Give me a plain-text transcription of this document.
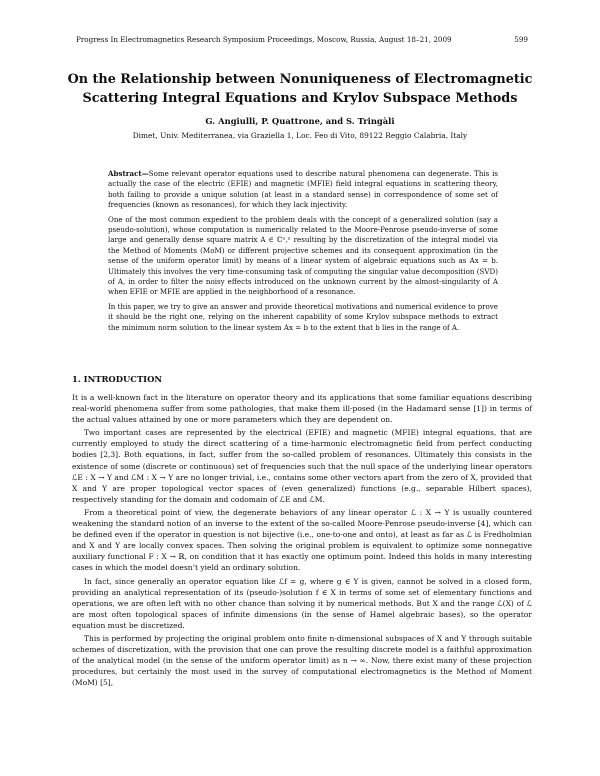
Progress In Electromagnetics Research Symposium Proceedings, Moscow, Russia, August 18–21, 2009	599
On the Relationship between Nonuniqueness of Electromagnetic
Scattering Integral Equations and Krylov Subspace Methods
G. Angiulli, P. Quattrone, and S. Tringàli
Dimet, Univ. Mediterranea, via Graziella 1, Loc. Feo di Vito, 89122 Reggio Calabria, Italy

Abstract—Some relevant operator equations used to describe natural phenomena can degenerate. This is actually the case of the electric (EFIE) and magnetic (MFIE) field integral equations in scattering theory, both failing to provide a unique solution (at least in a standard sense) in correspondence of some set of frequencies (known as resonances), for which they lack injectivity.

One of the most common expedient to the problem deals with the concept of a generalized solution (say a pseudo-solution), whose computation is numerically related to the Moore-Penrose pseudo-inverse of some large and generally dense square matrix A ∈ ℂⁿ,ⁿ resulting by the discretization of the integral model via the Method of Moments (MoM) or different projective schemes and its consequent approximation (in the sense of the uniform operator limit) by means of a linear system of algebraic equations such as Ax = b. Ultimately this involves the very time-consuming task of computing the singular value decomposition (SVD) of A, in order to filter the noisy effects introduced on the unknown current by the almost-singularity of A when EFIE or MFIE are applied in the neighborhood of a resonance.

In this paper, we try to give an answer and provide theoretical motivations and numerical evidence to prove it should be the right one, relying on the inherent capability of some Krylov subspace methods to extract the minimum norm solution to the linear system Ax = b to the extent that b lies in the range of A.

1. INTRODUCTION

It is a well-known fact in the literature on operator theory and its applications that some familiar equations describing real-world phenomena suffer from some pathologies, that make them ill-posed (in the Hadamard sense [1]) in terms of the actual values attained by one or more parameters which they are dependent on.

Two important cases are represented by the electrical (EFIE) and magnetic (MFIE) integral equations, that are currently employed to study the direct scattering of a time-harmonic electromagnetic field from perfect conducting bodies [2,3]. Both equations, in fact, suffer from the so-called problem of resonances. Ultimately this consists in the existence of some (discrete or continuous) set of frequencies such that the null space of the underlying linear operators ℒE : X → Y and ℒM : X → Y are no longer trivial, i.e., contains some other vectors apart from the zero of X, provided that X and Y are proper topological vector spaces of (even generalized) functions (e.g., separable Hilbert spaces), respectively standing for the domain and codomain of ℒE and ℒM.

From a theoretical point of view, the degenerate behaviors of any linear operator ℒ : X → Y is usually countered weakening the standard notion of an inverse to the extent of the so-called Moore-Penrose pseudo-inverse [4], which can be defined even if the operator in question is not bijective (i.e., one-to-one and onto), at least as far as ℒ is Fredholmian and X and Y are locally convex spaces. Then solving the original problem is equivalent to optimize some nonnegative auxiliary functional F : X → ℝ, on condition that it has exactly one optimum point. Indeed this holds in many interesting cases in which the model doesn’t yield an ordinary solution.

In fact, since generally an operator equation like ℒf = g, where g ∈ Y is given, cannot be solved in a closed form, providing an analytical representation of its (pseudo-)solution f ∈ X in terms of some set of elementary functions and operations, we are often left with no other chance than solving it by numerical methods. But X and the range ℒ(X) of ℒ are most often topological spaces of infinite dimensions (in the sense of Hamel algebraic bases), so the operator equation must be discretized.

This is performed by projecting the original problem onto finite n-dimensional subspaces of X and Y through suitable schemes of discretization, with the provision that one can prove the resulting discrete model is a faithful approximation of the analytical model (in the sense of the uniform operator limit) as n → ∞. Now, there exist many of these projection procedures, but certainly the most used in the survey of computational electromagnetics is the Method of Moment (MoM) [5],
